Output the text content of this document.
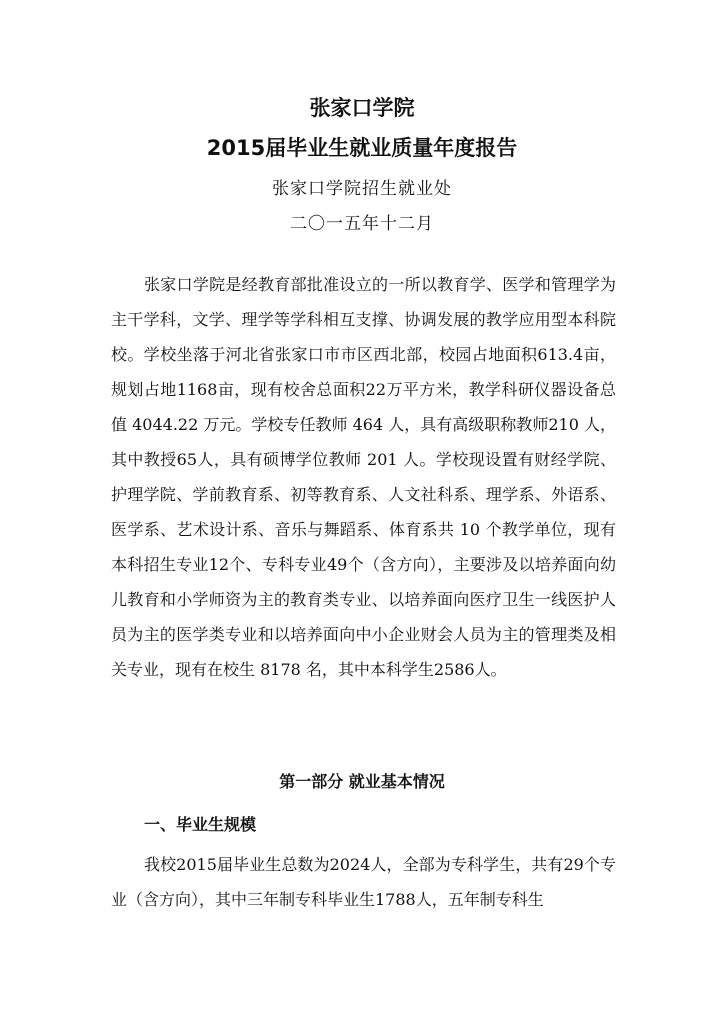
张家口学院
2015届毕业生就业质量年度报告
张家口学院招生就业处
二〇一五年十二月
张家口学院是经教育部批准设立的一所以教育学、医学和管理学为主干学科，文学、理学等学科相互支撑、协调发展的教学应用型本科院校。学校坐落于河北省张家口市市区西北部，校园占地面积613.4亩，规划占地1168亩，现有校舍总面积22万平方米，教学科研仪器设备总值 4044.22 万元。学校专任教师 464 人，具有高级职称教师210 人，其中教授65人，具有硕博学位教师 201 人。学校现设置有财经学院、护理学院、学前教育系、初等教育系、人文社科系、理学系、外语系、医学系、艺术设计系、音乐与舞蹈系、体育系共 10 个教学单位，现有本科招生专业12个、专科专业49个（含方向），主要涉及以培养面向幼儿教育和小学师资为主的教育类专业、以培养面向医疗卫生一线医护人员为主的医学类专业和以培养面向中小企业财会人员为主的管理类及相关专业，现有在校生 8178 名，其中本科学生2586人。
第一部分 就业基本情况
一、毕业生规模
我校2015届毕业生总数为2024人，全部为专科学生，共有29个专业（含方向），其中三年制专科毕业生1788人，五年制专科生
